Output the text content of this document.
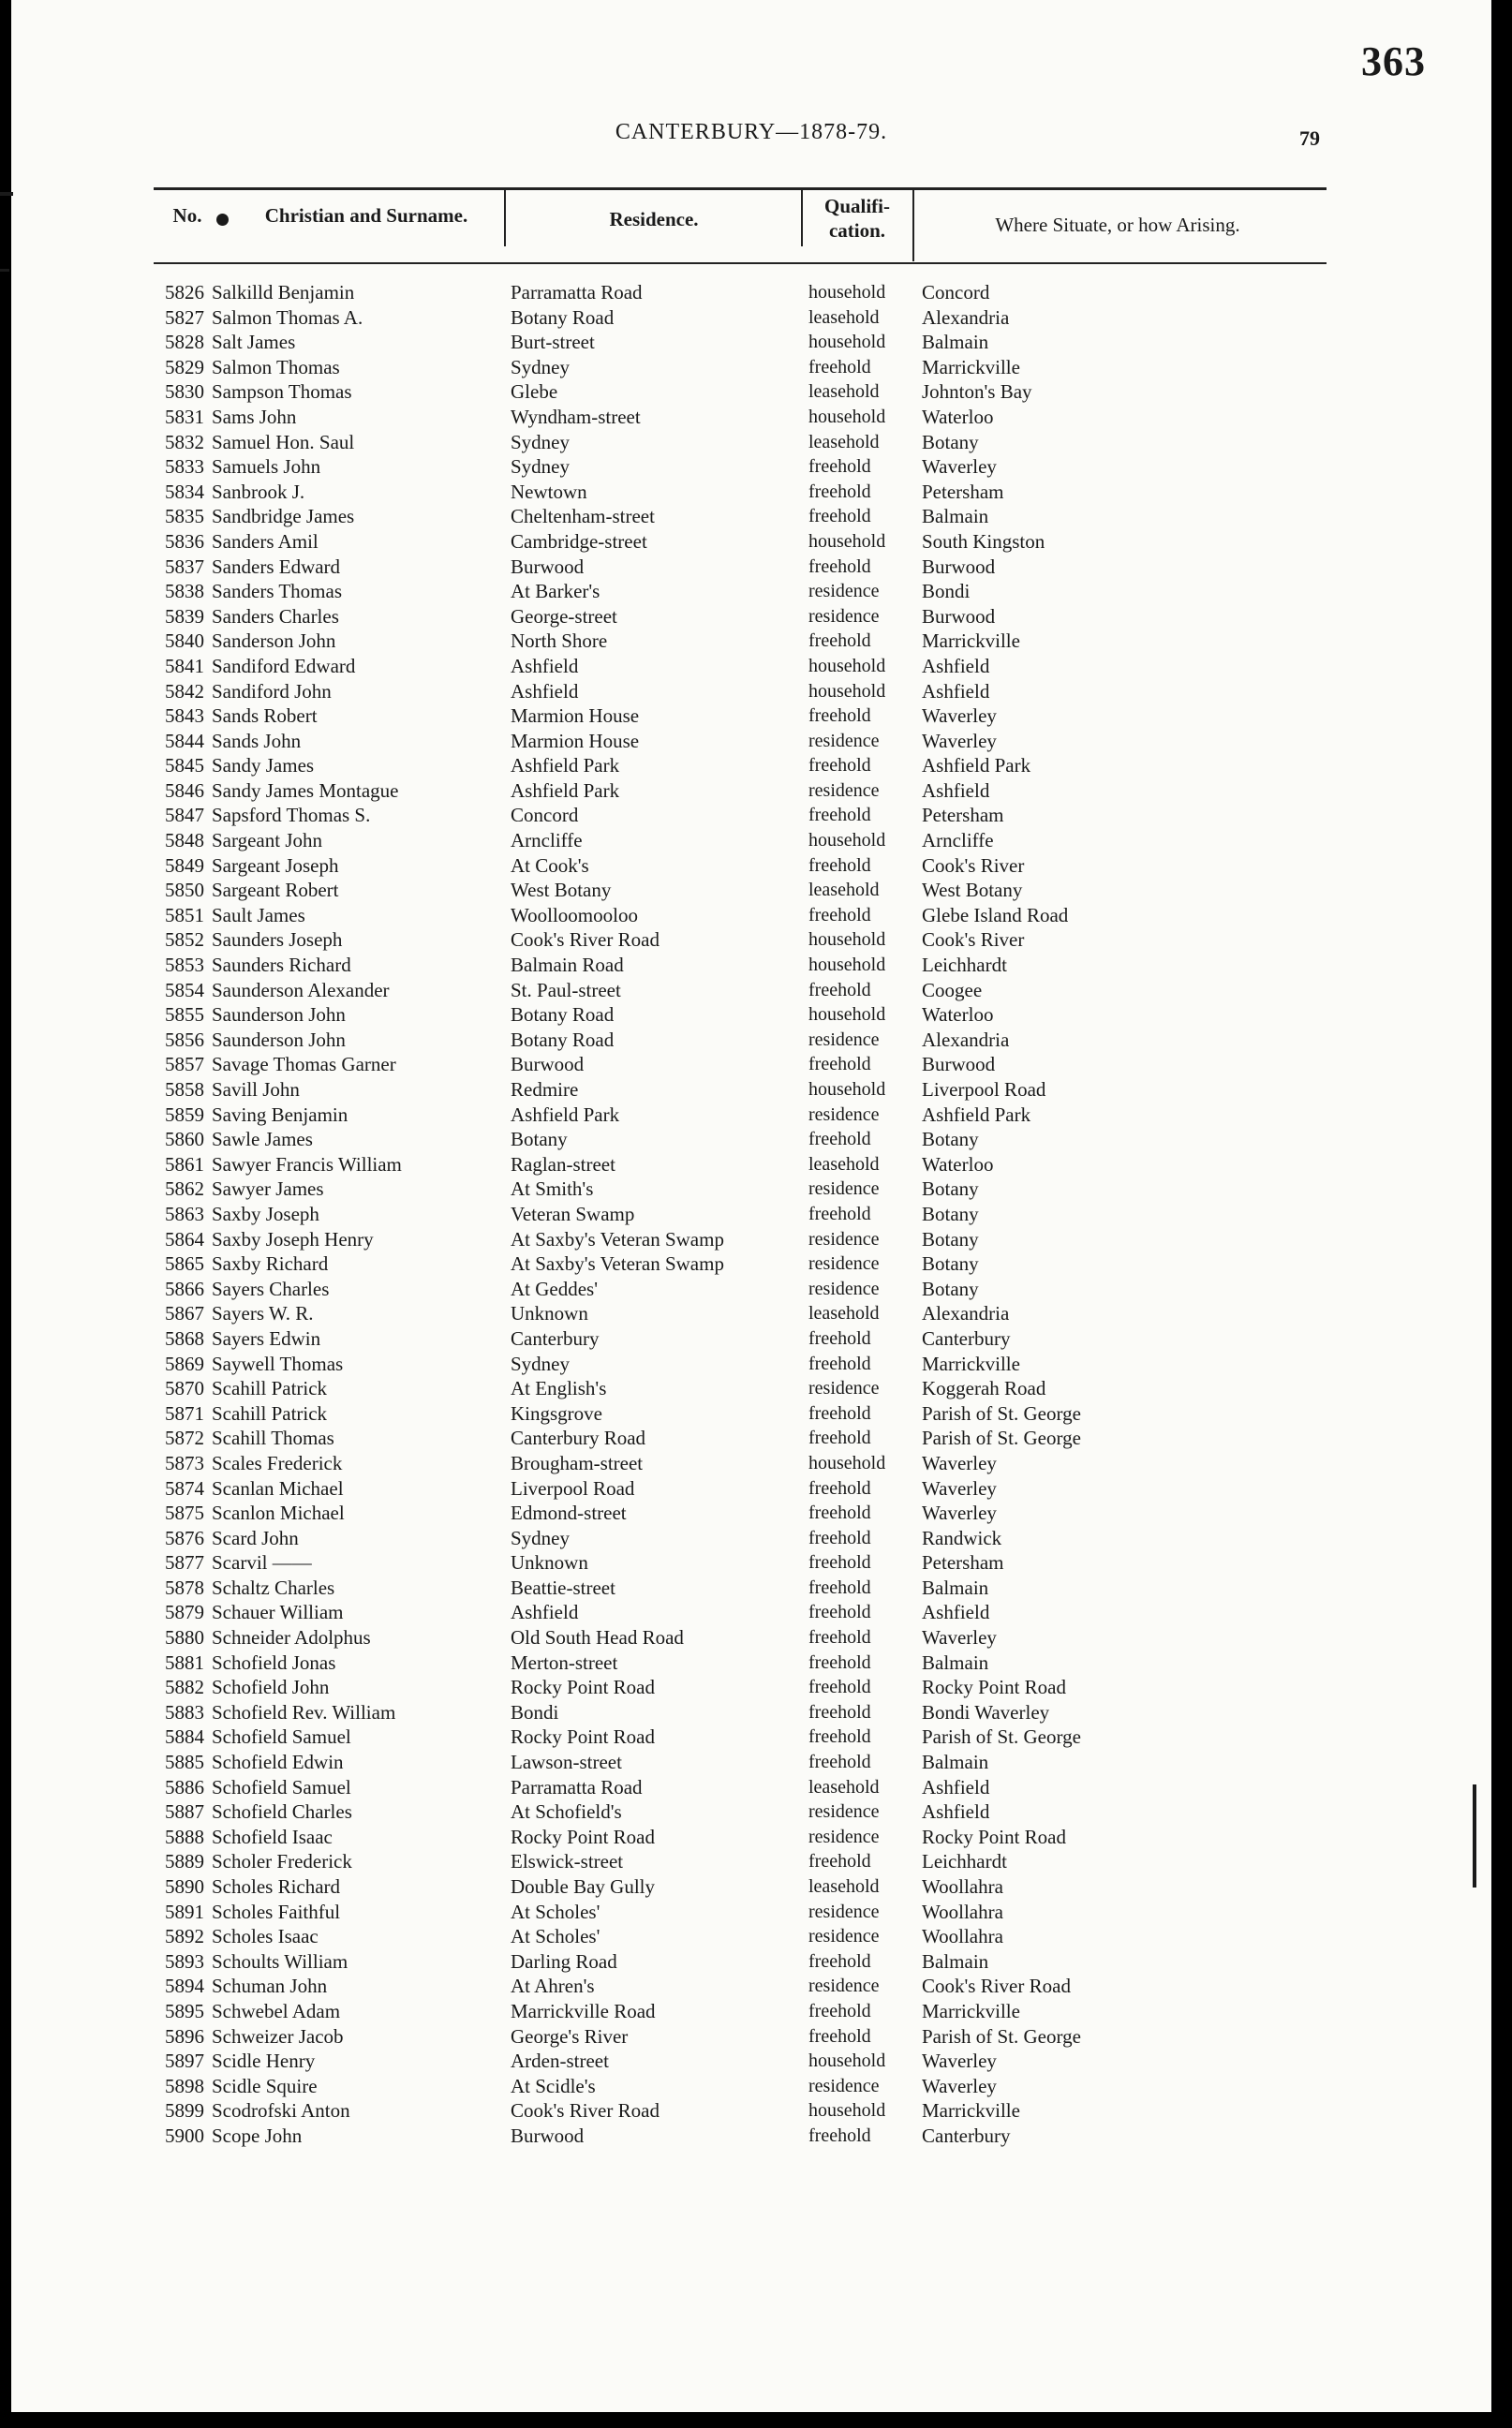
363
CANTERBURY—1878-79.	79
No.	Christian and Surname.	Residence.
Qualifi-
cation.	Where Situate, or how Arising.
5826 Salkilld Benjamin	Parramatta Road	household Concord
5827 Salmon Thomas A.	Botany Road	leasehold Alexandria
5828 Salt James	Burt-street	household Balmain
5829 Salmon Thomas	Sydney	freehold	Marrickville
5830 Sampson Thomas	Glebe	leasehold Johnton's Bay
5831 Sams John	Wyndham-street	household Waterloo
5832 Samuel Hon. Saul	Sydney	leasehold Botany
5833 Samuels John	Sydney	freehold	Waverley
5834 Sanbrook J.	Newtown	freehold	Petersham
5835 Sandbridge James	Cheltenham-street	freehold	Balmain
5836 Sanders Amil	Cambridge-street	household South Kingston
5837 Sanders Edward	Burwood	freehold	Burwood
5838 Sanders Thomas	At Barker's	residence Bondi
5839 Sanders Charles	George-street	residence Burwood
5840 Sanderson John	North Shore	freehold	Marrickville
5841 Sandiford Edward	Ashfield	household Ashfield
5842 Sandiford John	Ashfield	household Ashfield
5843 Sands Robert	Marmion House	freehold	Waverley
5844 Sands John	Marmion House	residence Waverley
5845 Sandy James	Ashfield Park	freehold	Ashfield Park
5846 Sandy James Montague	Ashfield Park	residence Ashfield
5847 Sapsford Thomas S.	Concord	freehold	Petersham
5848 Sargeant John	Arncliffe	household Arncliffe
5849 Sargeant Joseph	At Cook's	freehold	Cook's River
5850 Sargeant Robert	West Botany	leasehold West Botany
5851 Sault James	Woolloomooloo	freehold	Glebe Island Road
5852 Saunders Joseph	Cook's River Road	household Cook's River
5853 Saunders Richard	Balmain Road	household Leichhardt
5854 Saunderson Alexander	St. Paul-street	freehold	Coogee
5855 Saunderson John	Botany Road	household Waterloo
5856 Saunderson John	Botany Road	residence Alexandria
5857 Savage Thomas Garner	Burwood	freehold	Burwood
5858 Savill John	Redmire	household Liverpool Road
5859 Saving Benjamin	Ashfield Park	residence Ashfield Park
5860 Sawle James	Botany	freehold	Botany
5861 Sawyer Francis William	Raglan-street	leasehold Waterloo
5862 Sawyer James	At Smith's	residence Botany
5863 Saxby Joseph	Veteran Swamp	freehold	Botany
5864 Saxby Joseph Henry	At Saxby's Veteran Swamp	residence Botany
5865 Saxby Richard	At Saxby's Veteran Swamp	residence Botany
5866 Sayers Charles	At Geddes'	residence Botany
5867 Sayers W. R.	Unknown	leasehold Alexandria
5868 Sayers Edwin	Canterbury	freehold	Canterbury
5869 Saywell Thomas	Sydney	freehold	Marrickville
5870 Scahill Patrick	At English's	residence Koggerah Road
5871 Scahill Patrick	Kingsgrove	freehold	Parish of St. George
5872 Scahill Thomas	Canterbury Road	freehold	Parish of St. George
5873 Scales Frederick	Brougham-street	household Waverley
5874 Scanlan Michael	Liverpool Road	freehold	Waverley
5875 Scanlon Michael	Edmond-street	freehold	Waverley
5876 Scard John	Sydney	freehold	Randwick
5877 Scarvil ——	Unknown	freehold	Petersham
5878 Schaltz Charles	Beattie-street	freehold	Balmain
5879 Schauer William	Ashfield	freehold	Ashfield
5880 Schneider Adolphus	Old South Head Road	freehold	Waverley
5881 Schofield Jonas	Merton-street	freehold	Balmain
5882 Schofield John	Rocky Point Road	freehold	Rocky Point Road
5883 Schofield Rev. William	Bondi	freehold	Bondi Waverley
5884 Schofield Samuel	Rocky Point Road	freehold	Parish of St. George
5885 Schofield Edwin	Lawson-street	freehold	Balmain
5886 Schofield Samuel	Parramatta Road	leasehold Ashfield
5887 Schofield Charles	At Schofield's	residence Ashfield
5888 Schofield Isaac	Rocky Point Road	residence Rocky Point Road
5889 Scholer Frederick	Elswick-street	freehold	Leichhardt
5890 Scholes Richard	Double Bay Gully	leasehold Woollahra
5891 Scholes Faithful	At Scholes'	residence Woollahra
5892 Scholes Isaac	At Scholes'	residence Woollahra
5893 Schoults William	Darling Road	freehold	Balmain
5894 Schuman John	At Ahren's	residence Cook's River Road
5895 Schwebel Adam	Marrickville Road	freehold	Marrickville
5896 Schweizer Jacob	George's River	freehold	Parish of St. George
5897 Scidle Henry	Arden-street	household Waverley
5898 Scidle Squire	At Scidle's	residence Waverley
5899 Scodrofski Anton	Cook's River Road	household Marrickville
5900 Scope John	Burwood	freehold	Canterbury
